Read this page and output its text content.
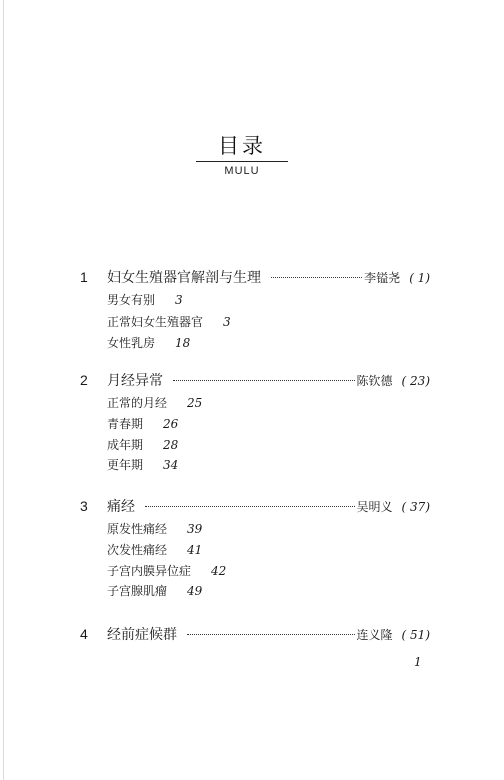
目录
MULU
1	妇女生殖器官解剖与生理	李镒尧 ( 1)
男女有别 3
正常妇女生殖器官 3
女性乳房 18
2	月经异常	陈钦德 ( 23)
正常的月经 25
青春期 26
成年期 28
更年期 34
3	痛经	吴明义 ( 37)
原发性痛经 39
次发性痛经 41
子宫内膜异位症 42
子宫腺肌瘤 49
4	经前症候群	连义隆 ( 51)
1
